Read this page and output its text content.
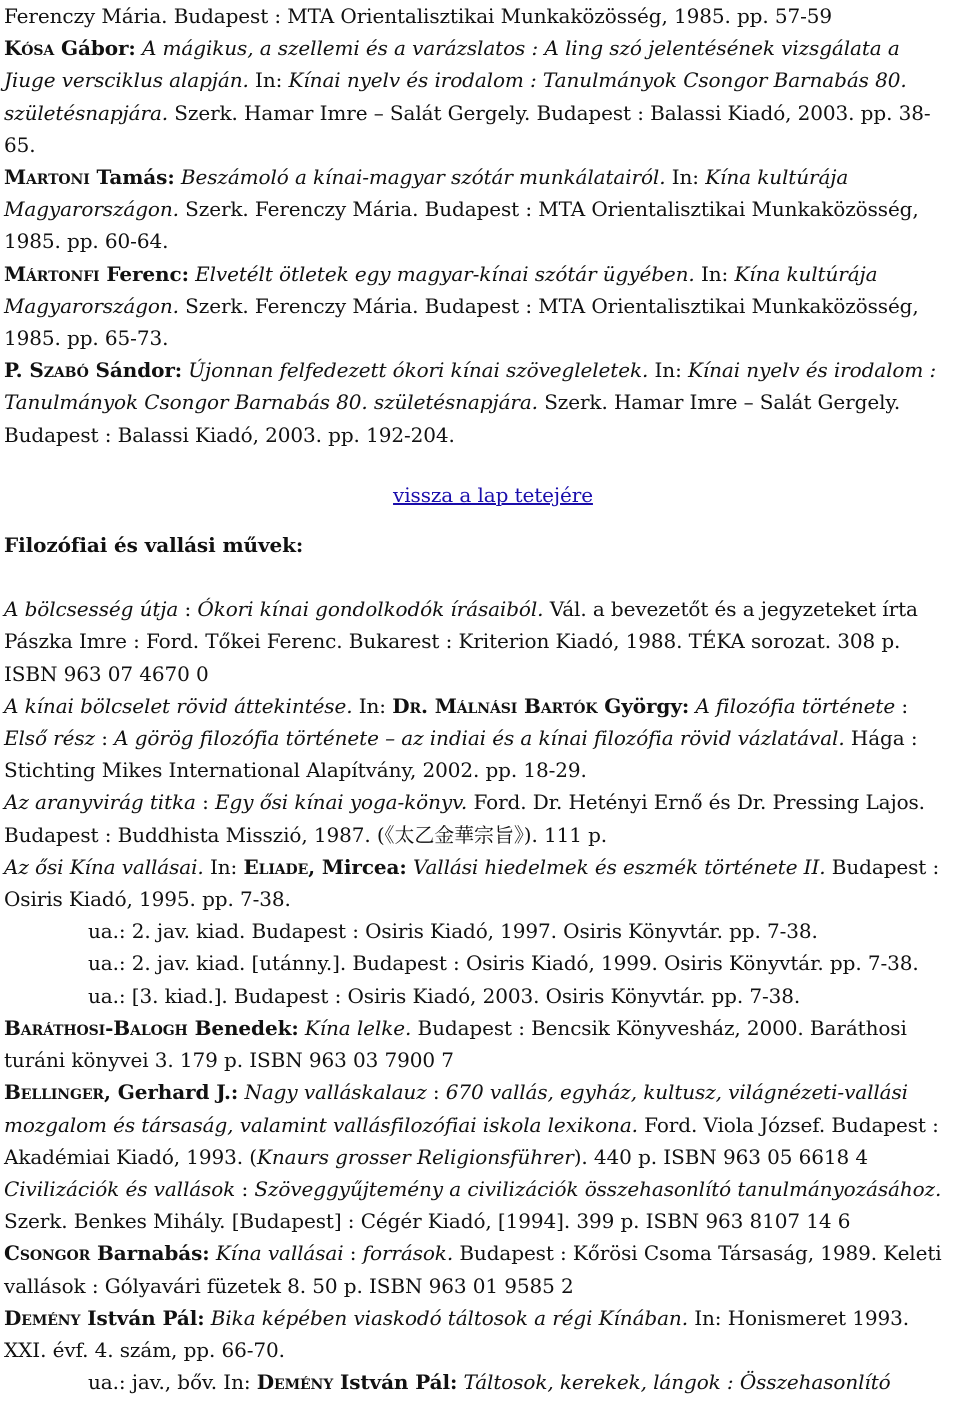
Ferenczy Mária. Budapest : MTA Orientalisztikai Munkaközösség, 1985. pp. 57-59

Kósa Gábor: A mágikus, a szellemi és a varázslatos : A ling szó jelentésének vizsgálata a Jiuge versciklus alapján. In: Kínai nyelv és irodalom : Tanulmányok Csongor Barnabás 80. születésnapjára. Szerk. Hamar Imre – Salát Gergely. Budapest : Balassi Kiadó, 2003. pp. 38-65.

Martoni Tamás: Beszámoló a kínai-magyar szótár munkálatairól. In: Kína kultúrája Magyarországon. Szerk. Ferenczy Mária. Budapest : MTA Orientalisztikai Munkaközösség, 1985. pp. 60-64.

Mártonfi Ferenc: Elvetélt ötletek egy magyar-kínai szótár ügyében. In: Kína kultúrája Magyarországon. Szerk. Ferenczy Mária. Budapest : MTA Orientalisztikai Munkaközösség, 1985. pp. 65-73.

P. Szabó Sándor: Újonnan felfedezett ókori kínai szövegleletek. In: Kínai nyelv és irodalom : Tanulmányok Csongor Barnabás 80. születésnapjára. Szerk. Hamar Imre – Salát Gergely. Budapest : Balassi Kiadó, 2003. pp. 192-204.

vissza a lap tetejére
Filozófiai és vallási művek:

A bölcsesség útja : Ókori kínai gondolkodók írásaiból. Vál. a bevezetőt és a jegyzeteket írta Pászka Imre : Ford. Tőkei Ferenc. Bukarest : Kriterion Kiadó, 1988. TÉKA sorozat. 308 p. ISBN 963 07 4670 0

A kínai bölcselet rövid áttekintése. In: Dr. Málnási Bartók György: A filozófia története : Első rész : A görög filozófia története – az indiai és a kínai filozófia rövid vázlatával. Hága : Stichting Mikes International Alapítvány, 2002. pp. 18-29.

Az aranyvirág titka : Egy ősi kínai yoga-könyv. Ford. Dr. Hetényi Ernő és Dr. Pressing Lajos. Budapest : Buddhista Misszió, 1987. (《太乙金華宗旨》). 111 p.

Az ősi Kína vallásai. In: Eliade, Mircea: Vallási hiedelmek és eszmék története II. Budapest : Osiris Kiadó, 1995. pp. 7-38.

ua.: 2. jav. kiad. Budapest : Osiris Kiadó, 1997. Osiris Könyvtár. pp. 7-38.

ua.: 2. jav. kiad. [utánny.]. Budapest : Osiris Kiadó, 1999. Osiris Könyvtár. pp. 7-38.

ua.: [3. kiad.]. Budapest : Osiris Kiadó, 2003. Osiris Könyvtár. pp. 7-38.

Baráthosi-Balogh Benedek: Kína lelke. Budapest : Bencsik Könyvesház, 2000. Baráthosi turáni könyvei 3. 179 p. ISBN 963 03 7900 7

Bellinger, Gerhard J.: Nagy valláskalauz : 670 vallás, egyház, kultusz, világnézeti-vallási mozgalom és társaság, valamint vallásfilozófiai iskola lexikona. Ford. Viola József. Budapest : Akadémiai Kiadó, 1993. (Knaurs grosser Religionsführer). 440 p. ISBN 963 05 6618 4

Civilizációk és vallások : Szöveggyűjtemény a civilizációk összehasonlító tanulmányozásához. Szerk. Benkes Mihály. [Budapest] : Cégér Kiadó, [1994]. 399 p. ISBN 963 8107 14 6

Csongor Barnabás: Kína vallásai : források. Budapest : Kőrösi Csoma Társaság, 1989. Keleti vallások : Gólyavári füzetek 8. 50 p. ISBN 963 01 9585 2

Demény István Pál: Bika képében viaskodó táltosok a régi Kínában. In: Honismeret 1993. XXI. évf. 4. szám, pp. 66-70.

ua.: jav., bőv. In: Demény István Pál: Táltosok, kerekek, lángok : Összehasonlító
